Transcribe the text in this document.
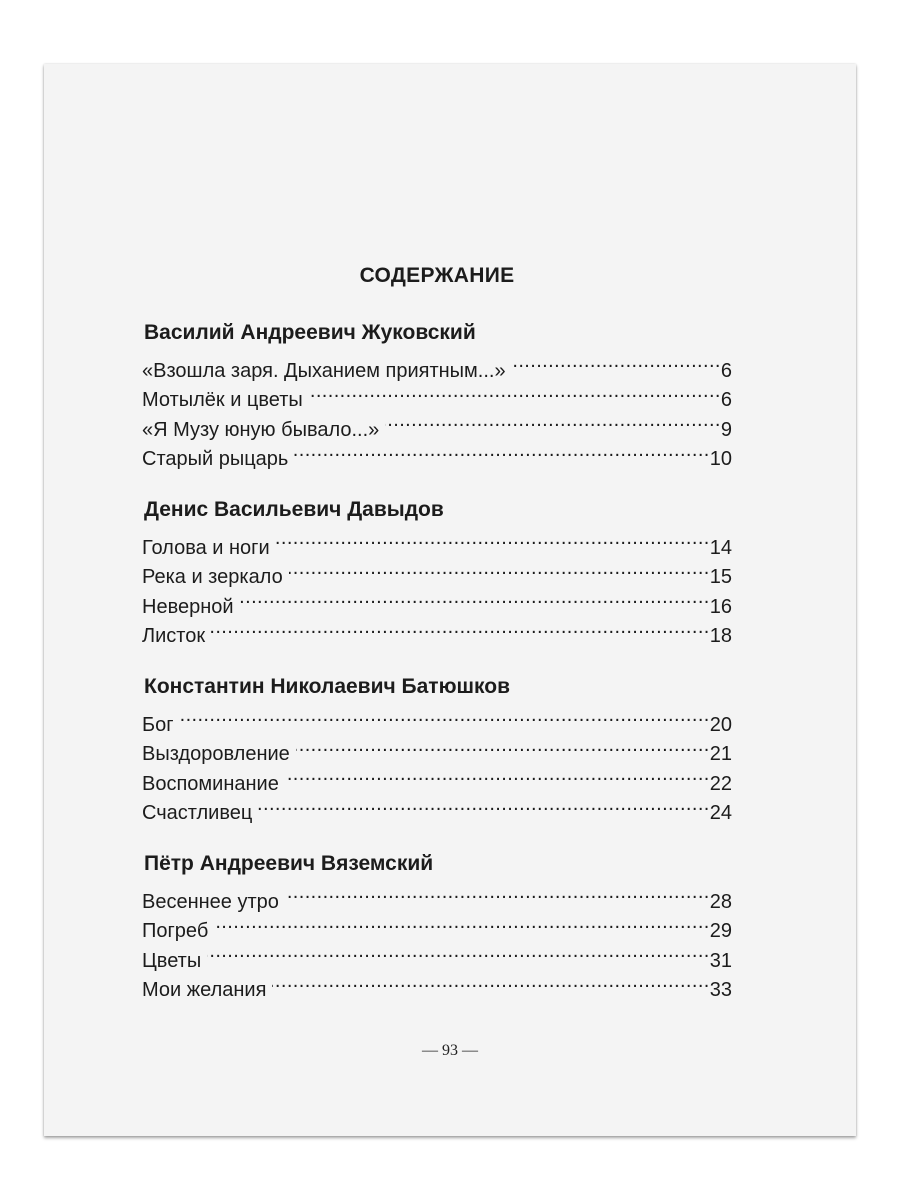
СОДЕРЖАНИЕ
Василий Андреевич Жуковский
«Взошла заря. Дыханием приятным...» .....	6
Мотылёк и цветы .....	6
«Я Музу юную бывало...» .....	9
Старый рыцарь .....	10
Денис Васильевич Давыдов
Голова и ноги .....	14
Река и зеркало .....	15
Неверной .....	16
Листок .....	18
Константин Николаевич Батюшков
Бог .....	20
Выздоровление .....	21
Воспоминание .....	22
Счастливец .....	24
Пётр Андреевич Вяземский
Весеннее утро .....	28
Погреб .....	29
Цветы .....	31
Мои желания .....	33
— 93 —
